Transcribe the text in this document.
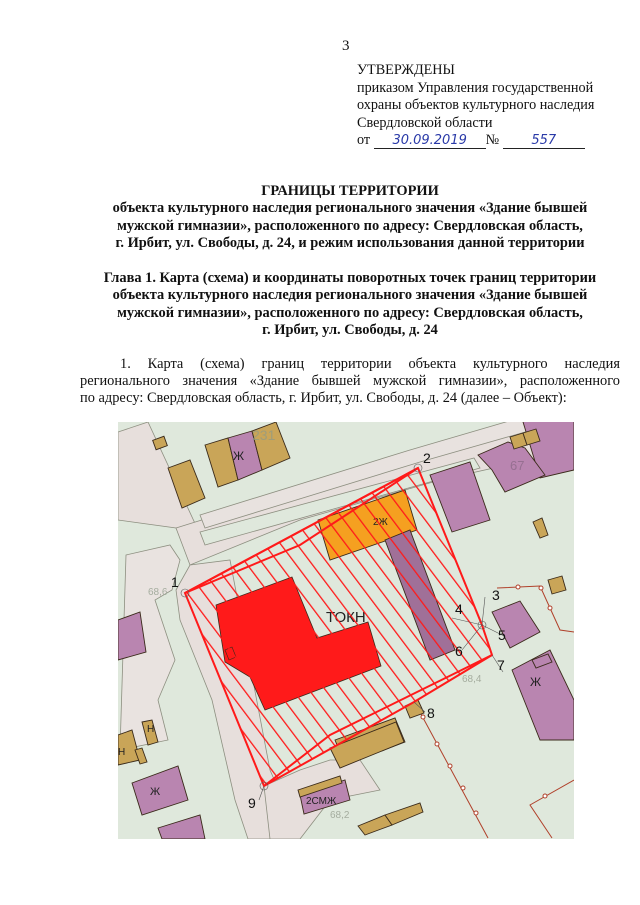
3
УТВЕРЖДЕНЫ
приказом Управления государственной
охраны объектов культурного наследия
Свердловской области
от 30.09.2019 № 557
ГРАНИЦЫ ТЕРРИТОРИИ
объекта культурного наследия регионального значения «Здание бывшей
мужской гимназии», расположенного по адресу: Свердловская область,
г. Ирбит, ул. Свободы, д. 24, и режим использования данной территории
Глава 1. Карта (схема) и координаты поворотных точек границ территории
объекта культурного наследия регионального значения «Здание бывшей
мужской гимназии», расположенного по адресу: Свердловская область,
г. Ирбит, ул. Свободы, д. 24
1. Карта (схема) границ территории объекта культурного наследия
регионального значения «Здание бывшей мужской гимназии», расположенного
по адресу: Свердловская область, г. Ирбит, ул. Свободы, д. 24 (далее – Объект):
Ж
231
67
Ж
Н
Н
Ж
2СМЖ
68,6
68,4
68,2
1
2
3
4
5
6
7
8
9
